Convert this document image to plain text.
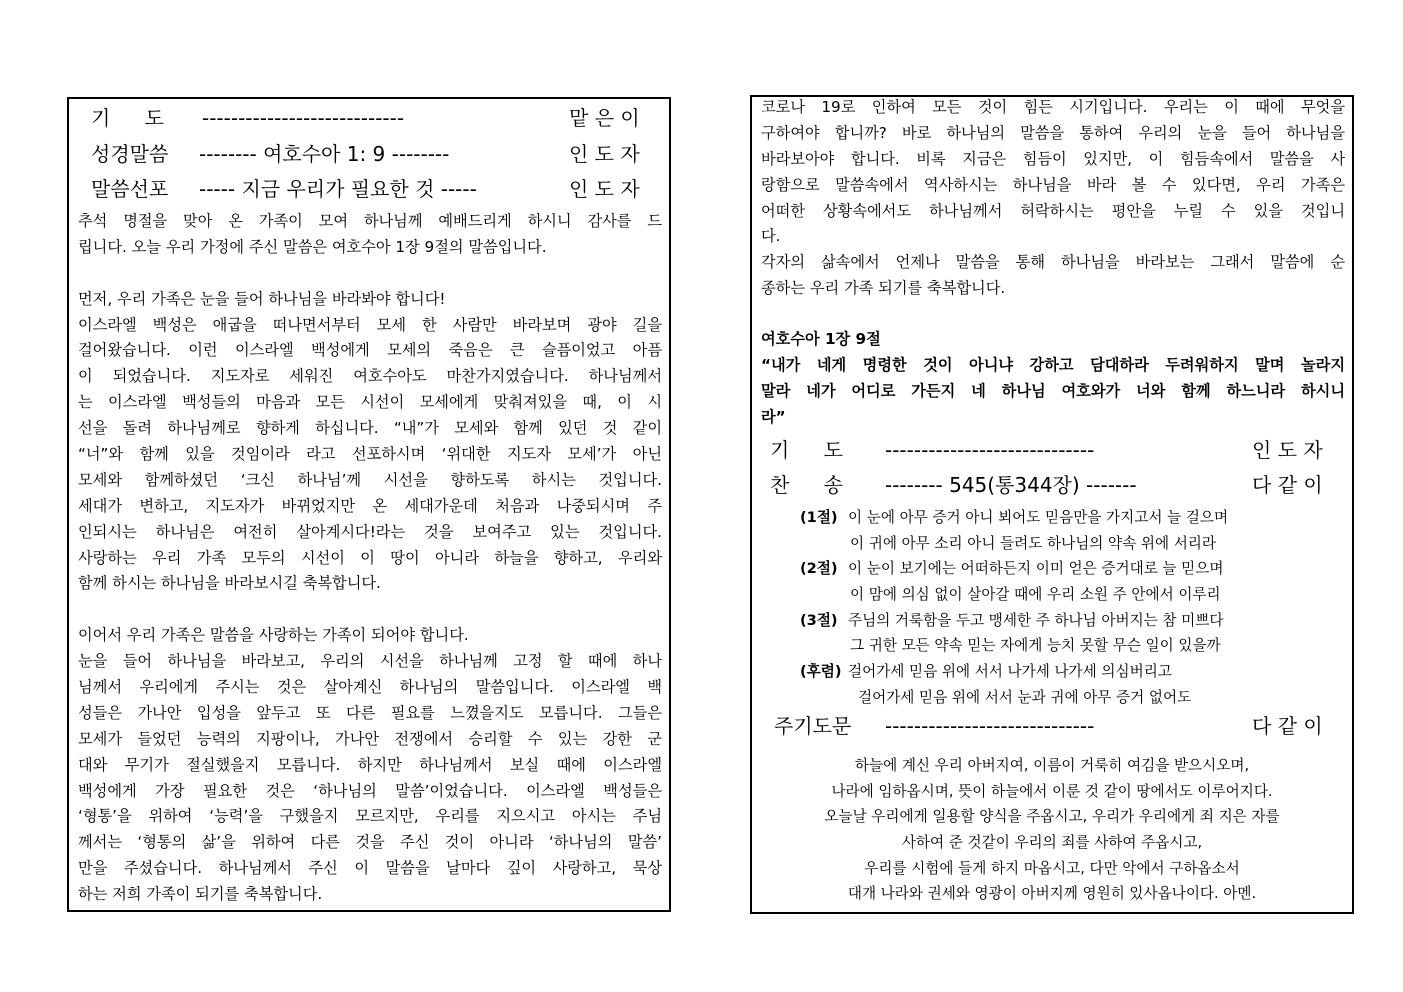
기 도 ----------------------------	맡 은 이
성경말씀 -------- 여호수아 1: 9 --------	인 도 자
말씀선포 ----- 지금 우리가 필요한 것 -----	인 도 자

추석 명절을 맞아 온 가족이 모여 하나님께 예배드리게 하시니 감사를 드

립니다. 오늘 우리 가정에 주신 말씀은 여호수아 1장 9절의 말씀입니다.

먼저, 우리 가족은 눈을 들어 하나님을 바라봐야 합니다!

이스라엘 백성은 애굽을 떠나면서부터 모세 한 사람만 바라보며 광야 길을

걸어왔습니다. 이런 이스라엘 백성에게 모세의 죽음은 큰 슬픔이었고 아픔

이 되었습니다. 지도자로 세워진 여호수아도 마찬가지였습니다. 하나님께서

는 이스라엘 백성들의 마음과 모든 시선이 모세에게 맞춰져있을 때, 이 시

선을 돌려 하나님께로 향하게 하십니다. “내”가 모세와 함께 있던 것 같이

“너”와 함께 있을 것임이라 라고 선포하시며 ‘위대한 지도자 모세’가 아닌

모세와 함께하셨던 ‘크신 하나님’께 시선을 향하도록 하시는 것입니다.

세대가 변하고, 지도자가 바뀌었지만 온 세대가운데 처음과 나중되시며 주

인되시는 하나님은 여전히 살아계시다!라는 것을 보여주고 있는 것입니다.

사랑하는 우리 가족 모두의 시선이 이 땅이 아니라 하늘을 향하고, 우리와

함께 하시는 하나님을 바라보시길 축복합니다.

이어서 우리 가족은 말씀을 사랑하는 가족이 되어야 합니다.

눈을 들어 하나님을 바라보고, 우리의 시선을 하나님께 고정 할 때에 하나

님께서 우리에게 주시는 것은 살아계신 하나님의 말씀입니다. 이스라엘 백

성들은 가나안 입성을 앞두고 또 다른 필요를 느꼈을지도 모릅니다. 그들은

모세가 들었던 능력의 지팡이나, 가나안 전쟁에서 승리할 수 있는 강한 군

대와 무기가 절실했을지 모릅니다. 하지만 하나님께서 보실 때에 이스라엘

백성에게 가장 필요한 것은 ‘하나님의 말씀’이었습니다. 이스라엘 백성들은

‘형통’을 위하여 ‘능력’을 구했을지 모르지만, 우리를 지으시고 아시는 주님

께서는 ‘형통의 삶’을 위하여 다른 것을 주신 것이 아니라 ‘하나님의 말씀’

만을 주셨습니다. 하나님께서 주신 이 말씀을 날마다 깊이 사랑하고, 묵상

하는 저희 가족이 되기를 축복합니다.

코로나 19로 인하여 모든 것이 힘든 시기입니다. 우리는 이 때에 무엇을

구하여야 합니까? 바로 하나님의 말씀을 통하여 우리의 눈을 들어 하나님을

바라보아야 합니다. 비록 지금은 힘듬이 있지만, 이 힘듬속에서 말씀을 사

랑함으로 말씀속에서 역사하시는 하나님을 바라 볼 수 있다면, 우리 가족은

어떠한 상황속에서도 하나님께서 허락하시는 평안을 누릴 수 있을 것입니

다.

각자의 삶속에서 언제나 말씀을 통해 하나님을 바라보는 그래서 말씀에 순

종하는 우리 가족 되기를 축복합니다.

여호수아 1장 9절

“내가 네게 명령한 것이 아니냐 강하고 담대하라 두려워하지 말며 놀라지

말라 네가 어디로 가든지 네 하나님 여호와가 너와 함께 하느니라 하시니

라”

기 도 -----------------------------	인 도 자
찬 송 -------- 545(통344장) -------	다 같 이
(1절) 이 눈에 아무 증거 아니 뵈어도 믿음만을 가지고서 늘 걸으며
이 귀에 아무 소리 아니 들려도 하나님의 약속 위에 서리라
(2절) 이 눈이 보기에는 어떠하든지 이미 얻은 증거대로 늘 믿으며
이 맘에 의심 없이 살아갈 때에 우리 소원 주 안에서 이루리
(3절) 주님의 거룩함을 두고 맹세한 주 하나님 아버지는 참 미쁘다
그 귀한 모든 약속 믿는 자에게 능치 못할 무슨 일이 있을까
(후렴) 걸어가세 믿음 위에 서서 나가세 나가세 의심버리고
걸어가세 믿음 위에 서서 눈과 귀에 아무 증거 없어도
주기도문 -----------------------------	다 같 이
하늘에 계신 우리 아버지여, 이름이 거룩히 여김을 받으시오며,
나라에 임하옵시며, 뜻이 하늘에서 이룬 것 같이 땅에서도 이루어지다.
오늘날 우리에게 일용할 양식을 주옵시고, 우리가 우리에게 죄 지은 자를
사하여 준 것같이 우리의 죄를 사하여 주옵시고,
우리를 시험에 들게 하지 마옵시고, 다만 악에서 구하옵소서
대개 나라와 권세와 영광이 아버지께 영원히 있사옵나이다. 아멘.
